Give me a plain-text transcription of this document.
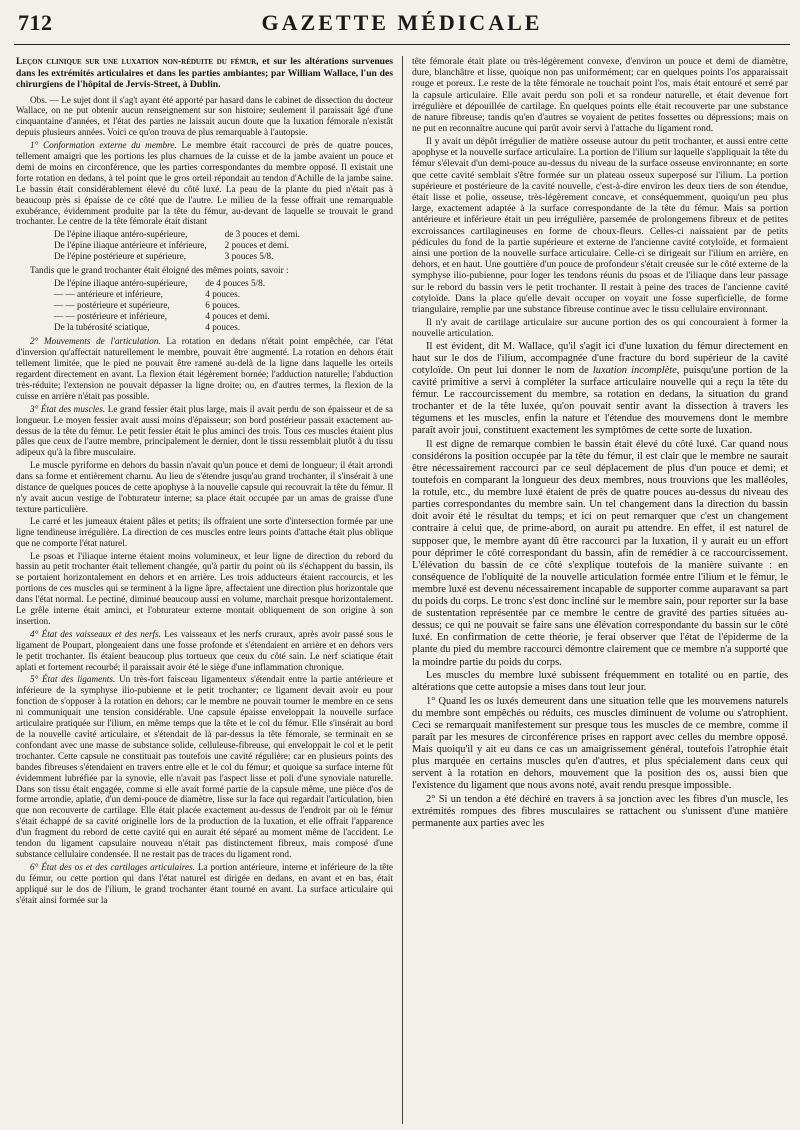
712	GAZETTE MÉDICALE

Leçon clinique sur une luxation non-réduite du fémur, et sur les altérations survenues dans les extrémités articulaires et dans les parties ambiantes; par William Wallace, l'un des chirurgiens de l'hôpital de Jervis-Street, à Dublin.

Obs. — Le sujet dont il s'ag't ayant été apporté par hasard dans le cabinet de dissection du docteur Wallace, on ne put obtenir aucun renseignement sur son histoire; seulement il paraissait âgé d'une cinquantaine d'années, et l'état des parties ne laissait aucun doute que la luxation fémorale n'existât depuis plusieurs années. Voici ce qu'on trouva de plus remarquable à l'autopsie.

1° Conformation externe du membre. Le membre était raccourci de près de quatre pouces, tellement amaigri que les portions les plus charnues de la cuisse et de la jambe avaient un pouce et demi de moins en circonférence, que les parties correspondantes du membre opposé. Il existait une forte rotation en dedans, à tel point que le gros orteil répondait au tendon d'Achille de la jambe saine. Le bassin était considérablement élevé du côté luxé. La peau de la plante du pied n'était pas à beaucoup près si épaisse de ce côté que de l'autre. Le milieu de la fesse offrait une remarquable exubérance, évidemment produite par la tête du fémur, au-devant de laquelle se trouvait le grand trochanter. Le centre de la tête fémorale était distant

De l'épine iliaque antéro-supérieure,	de 3 pouces et demi.
De l'épine iliaque antérieure et inférieure,	2 pouces et demi.
De l'épine postérieure et supérieure,	3 pouces 5/8.

Tandis que le grand trochanter était éloigné des mêmes points, savoir :

De l'épine iliaque antéro-supérieure,	de 4 pouces 5/8.
— — antérieure et inférieure,	4 pouces.
— — postérieure et supérieure,	6 pouces.
— — postérieure et inférieure,	4 pouces et demi.
De la tubérosité sciatique,	4 pouces.

2° Mouvements de l'articulation. La rotation en dedans n'était point empêchée, car l'état d'inversion qu'affectait naturellement le membre, pouvait être augmenté. La rotation en dehors était tellement limitée, que le pied ne pouvait être ramené au-delà de la ligne dans laquelle les orteils regardent directement en avant. La flexion était légèrement bornée; l'adduction naturelle; l'abduction très-réduite; l'extension ne pouvait dépasser la ligne droite; ou, en d'autres termes, la flexion de la cuisse en arrière n'était pas possible.

3° État des muscles. Le grand fessier était plus large, mais il avait perdu de son épaisseur et de sa longueur. Le moyen fessier avait aussi moins d'épaisseur; son bord postérieur passait exactement au-dessus de la tête du fémur. Le petit fessier était le plus aminci des trois. Tous ces muscles étaient plus pâles que ceux de l'autre membre, principalement le dernier, dont le tissu ressemblait plutôt à du tissu adipeux qu'à la fibre musculaire.

Le muscle pyriforme en dehors du bassin n'avait qu'un pouce et demi de longueur; il était arrondi dans sa forme et entièrement charnu. Au lieu de s'étendre jusqu'au grand trochanter, il s'insérait à une distance de quelques pouces de cette apophyse à la nouvelle capsule qui recouvrait la tête du fémur. Il n'y avait aucun vestige de l'obturateur interne; sa place était occupée par un amas de graisse d'une texture particulière.

Le carré et les jumeaux étaient pâles et petits; ils offraient une sorte d'intersection formée par une ligne tendineuse irrégulière. La direction de ces muscles entre leurs points d'attache était plus oblique que ne comporte l'état naturel.

Le psoas et l'iliaque interne étaient moins volumineux, et leur ligne de direction du rebord du bassin au petit trochanter était tellement changée, qu'à partir du point où ils s'échappent du bassin, ils se portaient horizontalement en dehors et en arrière. Les trois adducteurs étaient raccourcis, et les portions de ces muscles qui se terminent à la ligne âpre, affectaient une direction plus horizontale que dans l'état normal. Le pectiné, diminué beaucoup aussi en volume, marchait presque horizontalement. Le grêle interne était aminci, et l'obturateur externe montait obliquement de son origine à son insertion.

4° État des vaisseaux et des nerfs. Les vaisseaux et les nerfs cruraux, après avoir passé sous le ligament de Poupart, plongeaient dans une fosse profonde et s'étendaient en arrière et en dehors vers le petit trochanter. Ils étaient beaucoup plus tortueux que ceux du côté sain. Le nerf sciatique était aplati et fortement recourbé; il paraissait avoir été le siège d'une inflammation chronique.

5° État des ligaments. Un très-fort faisceau ligamenteux s'étendait entre la partie antérieure et inférieure de la symphyse ilio-pubienne et le petit trochanter; ce ligament devait avoir eu pour fonction de s'opposer à la rotation en dehors; car le membre ne pouvait tourner le membre en ce sens ni communiquait une tension considérable. Une capsule épaisse enveloppait la nouvelle surface articulaire pratiquée sur l'ilium, en même temps que la tête et le col du fémur. Elle s'insérait au bord de la nouvelle cavité articulaire, et s'étendait de là par-dessus la tête fémorale, se terminait en se confondant avec une masse de substance solide, celluleuse-fibreuse, qui enveloppait le col et le petit trochanter. Cette capsule ne constituait pas toutefois une cavité régulière; car en plusieurs points des bandes fibreuses s'étendaient en travers entre elle et le col du fémur; et quoique sa surface interne fût évidemment lubréfiée par la synovie, elle n'avait pas l'aspect lisse et poli d'une synoviale naturelle. Dans son tissu était engagée, comme si elle avait formé partie de la capsule même, une pièce d'os de forme arrondie, aplatie, d'un demi-pouce de diamètre, lisse sur la face qui regardait l'articulation, bien que non recouverte de cartilage. Elle était placée exactement au-dessus de l'endroit par où le fémur s'était échappé de sa cavité originelle lors de la production de la luxation, et elle offrait l'apparence d'un fragment du rebord de cette cavité qui en aurait été séparé au moment même de l'accident. Le tendon du ligament capsulaire nouveau n'était pas distinctement fibreux, mais composé d'une substance cellulaire condensée. Il ne restait pas de traces du ligament rond.

6° État des os et des cartilages articulaires. La portion antérieure, interne et inférieure de la tête du fémur, ou cette portion qui dans l'état naturel est dirigée en dedans, en avant et en bas, était appliqué sur le dos de l'ilium, le grand trochanter étant tourné en avant. La surface articulaire qui s'était ainsi formée sur la

tête fémorale était plate ou très-légèrement convexe, d'environ un pouce et demi de diamètre, dure, blanchâtre et lisse, quoique non pas uniformément; car en quelques points l'os apparaissait rouge et poreux. Le reste de la tête fémorale ne touchait point l'os, mais était entouré et serré par la capsule articulaire. Elle avait perdu son poli et sa rondeur naturelle, et était devenue fort irrégulière et dépouillée de cartilage. En quelques points elle était recouverte par une substance de nature fibreuse; tandis qu'en d'autres se voyaient de petites fossettes ou dépressions; mais on ne put en reconnaître aucune qui parût avoir servi à l'attache du ligament rond.

Il y avait un dépôt irrégulier de matière osseuse autour du petit trochanter, et aussi entre cette apophyse et la nouvelle surface articulaire. La portion de l'ilium sur laquelle s'appliquait la tête du fémur s'élevait d'un demi-pouce au-dessus du niveau de la surface osseuse environnante; en sorte que cette cavité semblait s'être formée sur un plateau osseux superposé sur l'ilium. La portion supérieure et postérieure de la cavité nouvelle, c'est-à-dire environ les deux tiers de son étendue, était lisse et polie, osseuse, très-légèrement concave, et conséquemment, quoiqu'un peu plus large, exactement adaptée à la surface correspondante de la tête du fémur. Mais sa portion antérieure et inférieure était un peu irrégulière, parsemée de prolongemens fibreux et de petites excroissances cartilagineuses en forme de choux-fleurs. Celles-ci naissaient par de petits pédicules du fond de la partie supérieure et externe de l'ancienne cavité cotyloïde, et formaient ainsi une portion de la nouvelle surface articulaire. Celle-ci se dirigeait sur l'ilium en arrière, en dehors, et en haut. Une gouttière d'un pouce de profondeur s'était creusée sur le côté externe de la symphyse ilio-pubienne, pour loger les tendons réunis du psoas et de l'iliaque dans leur passage sur le rebord du bassin vers le petit trochanter. Il restait à peine des traces de l'ancienne cavité cotyloïde. Dans la place qu'elle devait occuper on voyait une fosse superficielle, de forme triangulaire, remplie par une substance fibreuse continue avec le tissu cellulaire environnant.

Il n'y avait de cartilage articulaire sur aucune portion des os qui concouraient à former la nouvelle articulation.

Il est évident, dit M. Wallace, qu'il s'agit ici d'une luxation du fémur directement en haut sur le dos de l'ilium, accompagnée d'une fracture du bord supérieur de la cavité cotyloïde. On peut lui donner le nom de luxation incomplète, puisqu'une portion de la cavité primitive a servi à compléter la surface articulaire nouvelle qui a reçu la tête du fémur. Le raccourcissement du membre, sa rotation en dedans, la situation du grand trochanter et de la tête luxée, qu'on pouvait sentir avant la dissection à travers les tégumens et les muscles, enfin la nature et l'étendue des mouvemens dont le membre paraît avoir joui, constituent exactement les symptômes de cette sorte de luxation.

Il est digne de remarque combien le bassin était élevé du côté luxé. Car quand nous considérons la position occupée par la tête du fémur, il est clair que le membre ne saurait être nécessairement raccourci par ce seul déplacement de plus d'un pouce et demi; et toutefois en comparant la longueur des deux membres, nous trouvions que les malléoles, la rotule, etc., du membre luxé étaient de près de quatre pouces au-dessus du niveau des parties correspondantes du membre sain. Un tel changement dans la direction du bassin doit avoir été le résultat du temps; et ici on peut remarquer que c'est un changement contraire à celui que, de prime-abord, on aurait pu attendre. En effet, il est naturel de supposer que, le membre ayant dû être raccourci par la luxation, il y aurait eu un effort pour déprimer le côté correspondant du bassin, afin de remédier à ce raccourcissement. L'élévation du bassin de ce côté s'explique toutefois de la manière suivante : en conséquence de l'obliquité de la nouvelle articulation formée entre l'ilium et le fémur, le membre luxé est devenu nécessairement incapable de supporter comme auparavant sa part du poids du corps. Le tronc s'est donc incliné sur le membre sain, pour reporter sur la base de sustentation représentée par ce membre le centre de gravité des parties situées au-dessus; ce qui ne pouvait se faire sans une élévation correspondante du bassin sur le côté luxé. En confirmation de cette théorie, je ferai observer que l'état de l'épiderme de la plante du pied du membre raccourci démontre clairement que ce membre n'a supporté que la moindre partie du poids du corps.

Les muscles du membre luxé subissent fréquemment en totalité ou en partie, des altérations que cette autopsie a mises dans tout leur jour.

1° Quand les os luxés demeurent dans une situation telle que les mouvemens naturels du membre sont empêchés ou réduits, ces muscles diminuent de volume ou s'atrophient. Ceci se remarquait manifestement sur presque tous les muscles de ce membre, comme il paraît par les mesures de circonférence prises en rapport avec celles du membre opposé. Mais quoiqu'il y ait eu dans ce cas un amaigrissement général, toutefois l'atrophie était plus marquée en certains muscles qu'en d'autres, et plus spécialement dans ceux qui servent à la rotation en dehors, mouvement que la position des os, aussi bien que l'existence du ligament que nous avons noté, avait rendu presque impossible.

2° Si un tendon a été déchiré en travers à sa jonction avec les fibres d'un muscle, les extrémités rompues des fibres musculaires se rattachent ou s'unissent d'une manière permanente aux parties avec les
